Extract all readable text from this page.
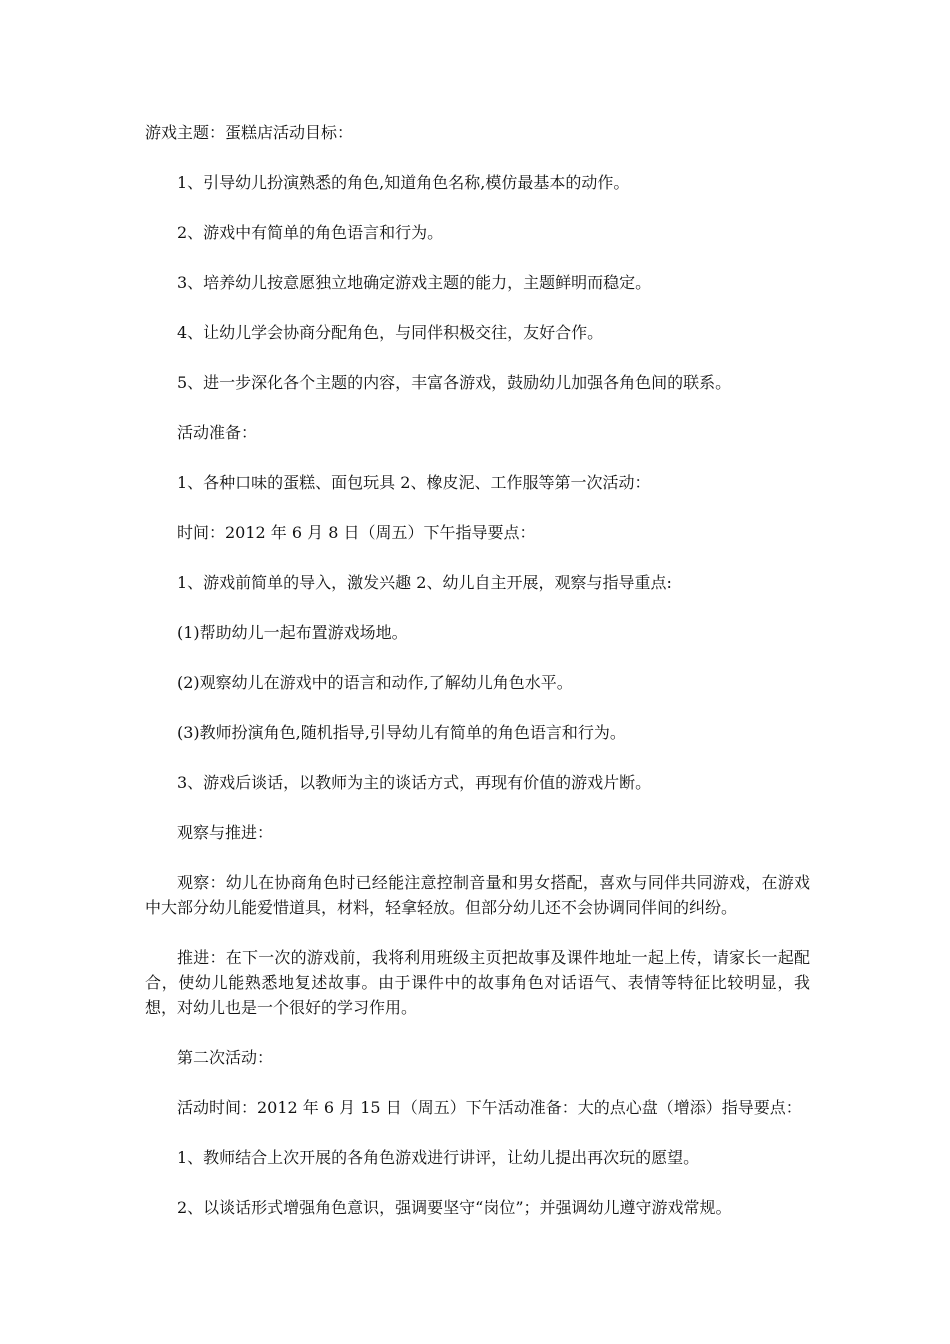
游戏主题：蛋糕店活动目标：

1、引导幼儿扮演熟悉的角色,知道角色名称,模仿最基本的动作。

2、游戏中有简单的角色语言和行为。

3、培养幼儿按意愿独立地确定游戏主题的能力，主题鲜明而稳定。

4、让幼儿学会协商分配角色，与同伴积极交往，友好合作。

5、进一步深化各个主题的内容，丰富各游戏，鼓励幼儿加强各角色间的联系。

活动准备：

1、各种口味的蛋糕、面包玩具 2、橡皮泥、工作服等第一次活动：

时间：2012 年 6 月 8 日（周五）下午指导要点：

1、游戏前简单的导入，激发兴趣 2、幼儿自主开展，观察与指导重点:

(1)帮助幼儿一起布置游戏场地。

(2)观察幼儿在游戏中的语言和动作,了解幼儿角色水平。

(3)教师扮演角色,随机指导,引导幼儿有简单的角色语言和行为。

3、游戏后谈话，以教师为主的谈话方式，再现有价值的游戏片断。

观察与推进：

观察：幼儿在协商角色时已经能注意控制音量和男女搭配，喜欢与同伴共同游戏，在游戏中大部分幼儿能爱惜道具，材料，轻拿轻放。但部分幼儿还不会协调同伴间的纠纷。

推进：在下一次的游戏前，我将利用班级主页把故事及课件地址一起上传，请家长一起配合，使幼儿能熟悉地复述故事。由于课件中的故事角色对话语气、表情等特征比较明显，我想，对幼儿也是一个很好的学习作用。

第二次活动：

活动时间：2012 年 6 月 15 日（周五）下午活动准备：大的点心盘（增添）指导要点：

1、教师结合上次开展的各角色游戏进行讲评，让幼儿提出再次玩的愿望。

2、以谈话形式增强角色意识，强调要坚守“岗位”；并强调幼儿遵守游戏常规。
